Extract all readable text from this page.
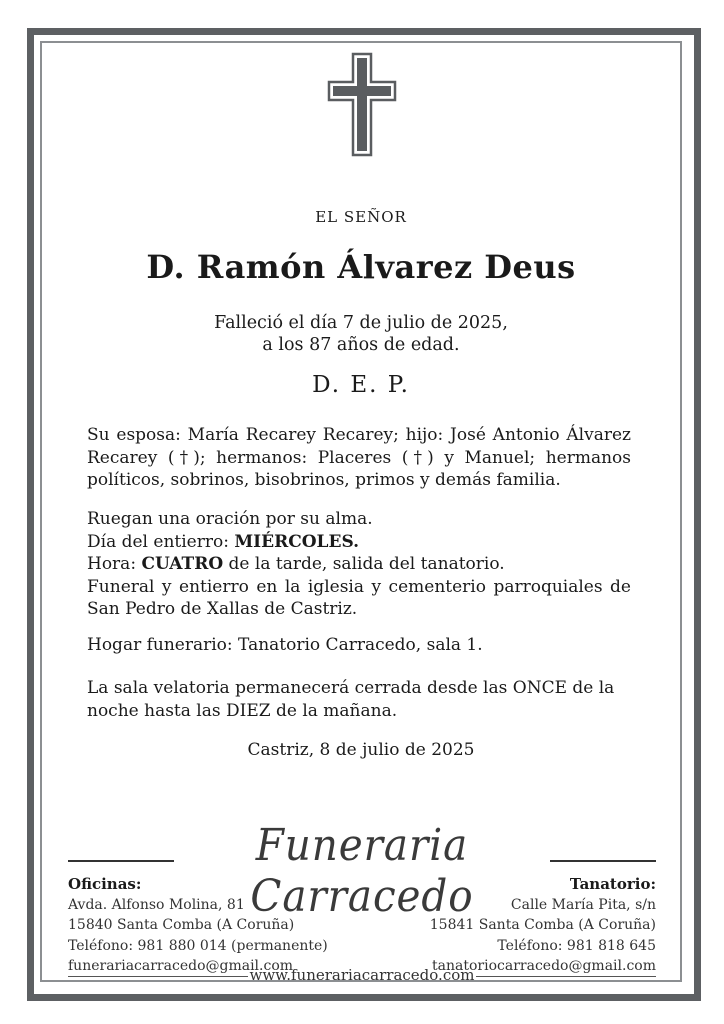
EL SEÑOR
D. Ramón Álvarez Deus
Falleció el día 7 de julio de 2025,
a los 87 años de edad.
D. E. P.
Su esposa: María Recarey Recarey; hijo: José Antonio Álvarez Recarey (†); hermanos: Placeres (†) y Manuel; hermanos políticos, sobrinos, bisobrinos, primos y demás familia.
Ruegan una oración por su alma.
Día del entierro: MIÉRCOLES.
Hora: CUATRO de la tarde, salida del tanatorio.
Funeral y entierro en la iglesia y cementerio parroquiales de San Pedro de Xallas de Castriz.
Hogar funerario: Tanatorio Carracedo, sala 1.
La sala velatoria permanecerá cerrada desde las ONCE de la noche hasta las DIEZ de la mañana.
Castriz, 8 de julio de 2025
Funeraria Carracedo
Oficinas:
Avda. Alfonso Molina, 81
15840 Santa Comba (A Coruña)
Teléfono: 981 880 014 (permanente)
funerariacarracedo@gmail.com
Tanatorio:
Calle María Pita, s/n
15841 Santa Comba (A Coruña)
Teléfono: 981 818 645
tanatoriocarracedo@gmail.com
www.funerariacarracedo.com
